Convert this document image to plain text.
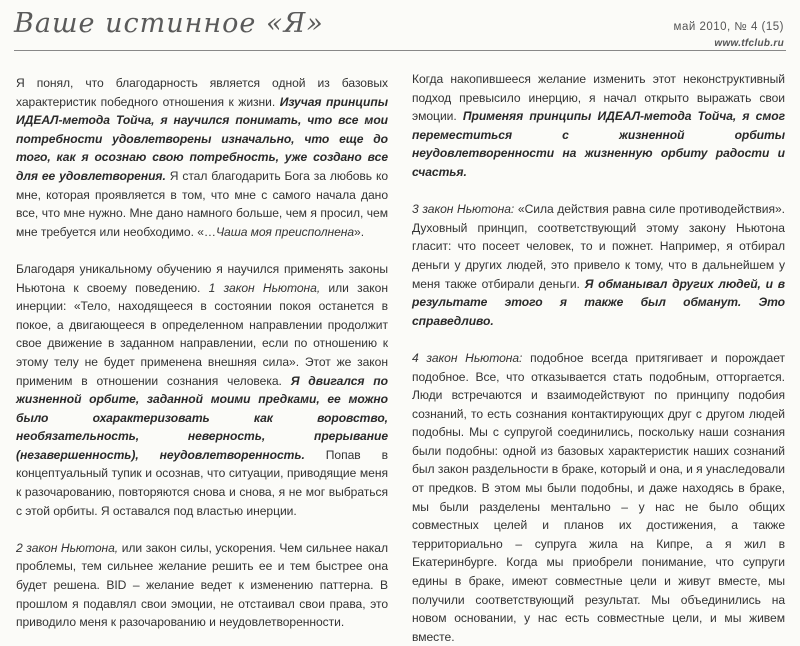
Ваше истинное «Я»	май 2010, № 4 (15)
www.tfclub.ru

Я понял, что благодарность является одной из базовых характеристик победного отношения к жизни. Изучая принципы ИДЕАЛ-метода Тойча, я научился понимать, что все мои потребности удовлетворены изначально, что еще до того, как я осознаю свою потребность, уже создано все для ее удовлетворения. Я стал благодарить Бога за любовь ко мне, которая проявляется в том, что мне с самого начала дано все, что мне нужно. Мне дано намного больше, чем я просил, чем мне требуется или необходимо. «…Чаша моя преисполнена».

Благодаря уникальному обучению я научился применять законы Ньютона к своему поведению. 1 закон Ньютона, или закон инерции: «Тело, находящееся в состоянии покоя останется в покое, а двигающееся в определенном направлении продолжит свое движение в заданном направлении, если по отношению к этому телу не будет применена внешняя сила». Этот же закон применим в отношении сознания человека. Я двигался по жизненной орбите, заданной моими предками, ее можно было охарактеризовать как воровство, необязательность, неверность, прерывание (незавершенность), неудовлетворенность. Попав в концептуальный тупик и осознав, что ситуации, приводящие меня к разочарованию, повторяются снова и снова, я не мог выбраться с этой орбиты. Я оставался под властью инерции.

2 закон Ньютона, или закон силы, ускорения. Чем сильнее накал проблемы, тем сильнее желание решить ее и тем быстрее она будет решена. BID – желание ведет к изменению паттерна. В прошлом я подавлял свои эмоции, не отстаивал свои права, это приводило меня к разочарованию и неудовлетворенности.

Когда накопившееся желание изменить этот неконструктивный подход превысило инерцию, я начал открыто выражать свои эмоции. Применяя принципы ИДЕАЛ-метода Тойча, я смог переместиться с жизненной орбиты неудовлетворенности на жизненную орбиту радости и счастья.

3 закон Ньютона: «Сила действия равна силе противодействия». Духовный принцип, соответствующий этому закону Ньютона гласит: что посеет человек, то и пожнет. Например, я отбирал деньги у других людей, это привело к тому, что в дальнейшем у меня также отбирали деньги. Я обманывал других людей, и в результате этого я также был обманут. Это справедливо.

4 закон Ньютона: подобное всегда притягивает и порождает подобное. Все, что отказывается стать подобным, отторгается. Люди встречаются и взаимодействуют по принципу подобия сознаний, то есть сознания контактирующих друг с другом людей подобны. Мы с супругой соединились, поскольку наши сознания были подобны: одной из базовых характеристик наших сознаний был закон раздельности в браке, который и она, и я унаследовали от предков. В этом мы были подобны, и даже находясь в браке, мы были разделены ментально – у нас не было общих совместных целей и планов их достижения, а также территориально – супруга жила на Кипре, а я жил в Екатеринбурге. Когда мы приобрели понимание, что супруги едины в браке, имеют совместные цели и живут вместе, мы получили соответствующий результат. Мы объединились на новом основании, у нас есть совместные цели, и мы живем вместе.
